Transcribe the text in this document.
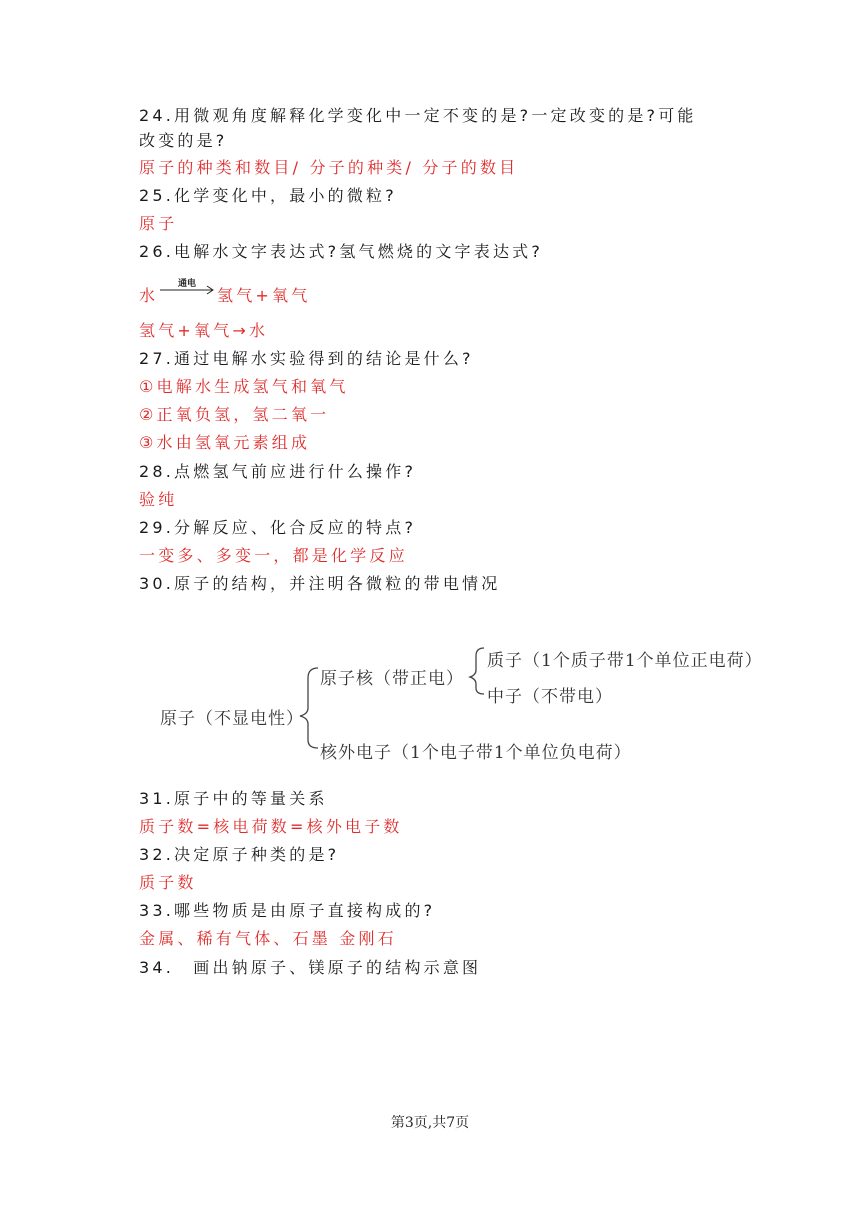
24.用微观角度解释化学变化中一定不变的是?一定改变的是?可能
改变的是?
原子的种类和数目/ 分子的种类/ 分子的数目
25.化学变化中，最小的微粒?
原子
26.电解水文字表达式?氢气燃烧的文字表达式?
水
通电
氢气+氧气
氢气+氧气→水
27.通过电解水实验得到的结论是什么?
①电解水生成氢气和氧气
②正氧负氢，氢二氧一
③水由氢氧元素组成
28.点燃氢气前应进行什么操作?
验纯
29.分解反应、化合反应的特点?
一变多、多变一，都是化学反应
30.原子的结构，并注明各微粒的带电情况
原子（不显电性）
原子核（带正电）
质子（1个质子带1个单位正电荷）
中子（不带电）
核外电子（1个电子带1个单位负电荷）
31.原子中的等量关系
质子数=核电荷数=核外电子数
32.决定原子种类的是?
质子数
33.哪些物质是由原子直接构成的?
金属、稀有气体、石墨 金刚石
34.　画出钠原子、镁原子的结构示意图
第3页,共7页
